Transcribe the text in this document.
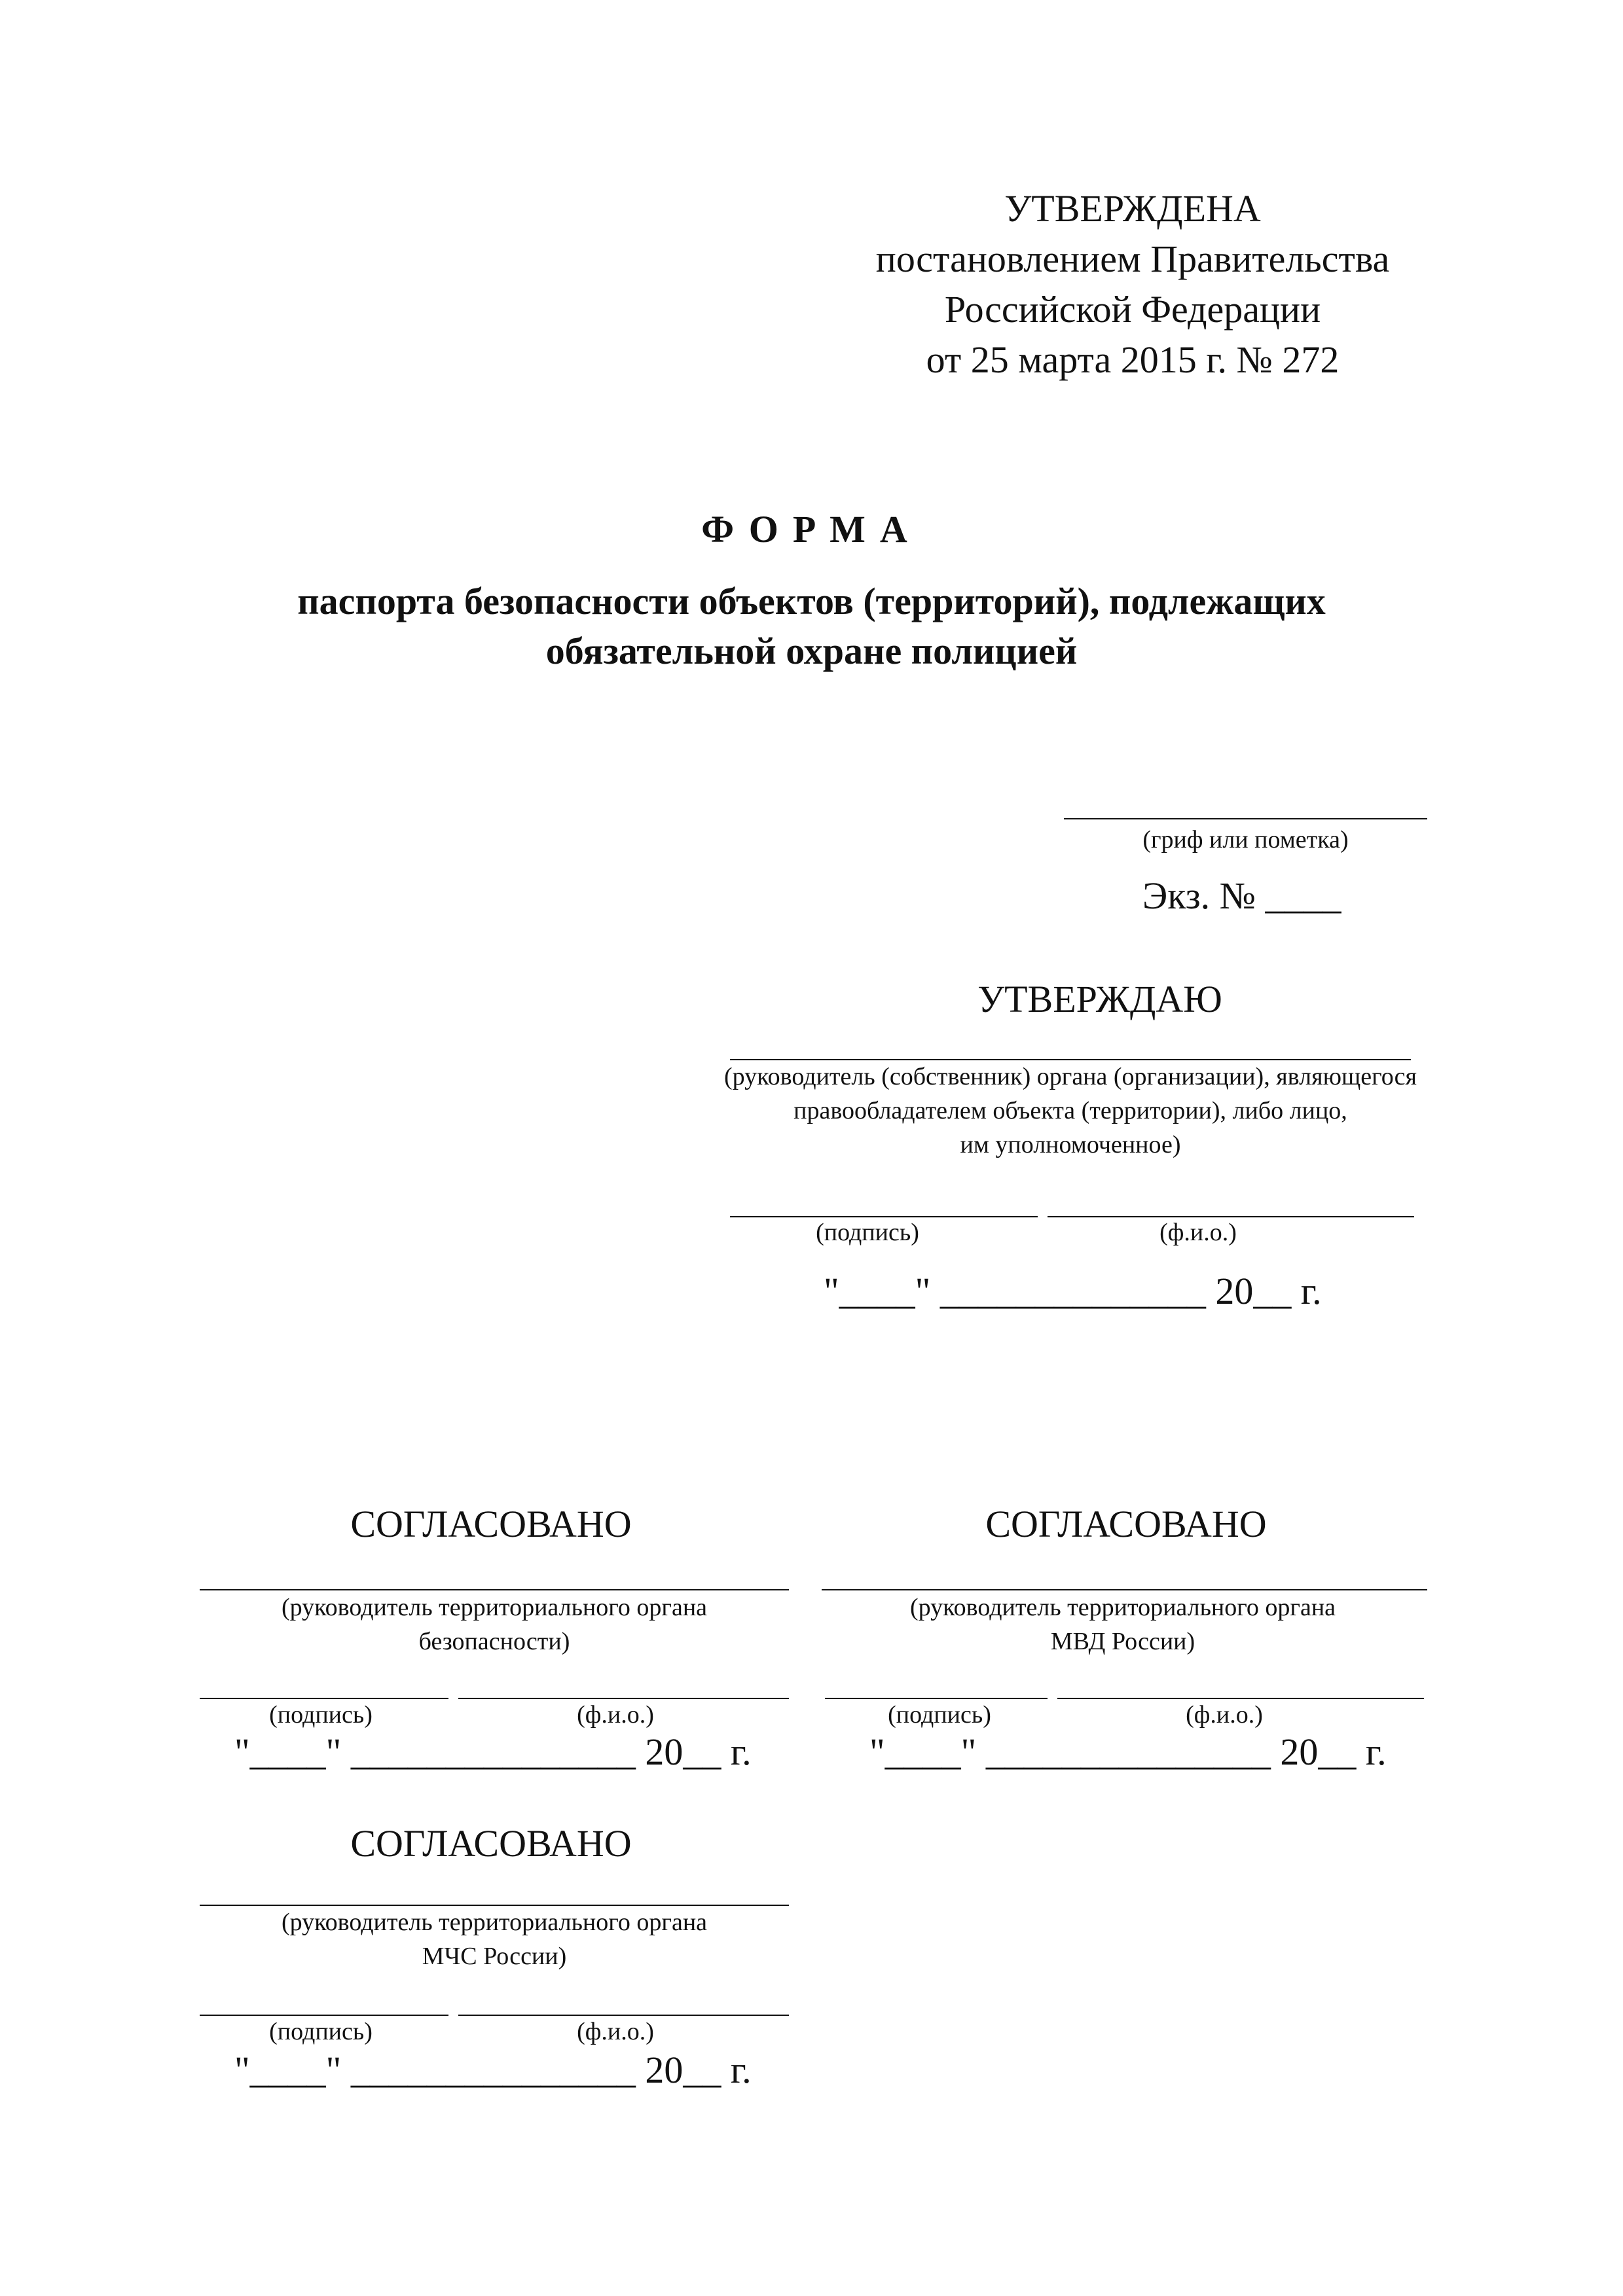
УТВЕРЖДЕНА
постановлением Правительства
Российской Федерации
от 25 марта 2015 г. № 272
ФОРМА
паспорта безопасности объектов (территорий), подлежащих
обязательной охране полицией
(гриф или пометка)
Экз. № ____
УТВЕРЖДАЮ
(руководитель (собственник) органа (организации), являющегося
правообладателем объекта (территории), либо лицо,
им уполномоченное)
(подпись)	(ф.и.о.)
"____" ______________ 20__ г.
СОГЛАСОВАНО
(руководитель территориального органа
безопасности)
(подпись)	(ф.и.о.)
"____" _______________ 20__ г.
СОГЛАСОВАНО
(руководитель территориального органа
МВД России)
(подпись)	(ф.и.о.)
"____" _______________ 20__ г.
СОГЛАСОВАНО
(руководитель территориального органа
МЧС России)
(подпись)	(ф.и.о.)
"____" _______________ 20__ г.
